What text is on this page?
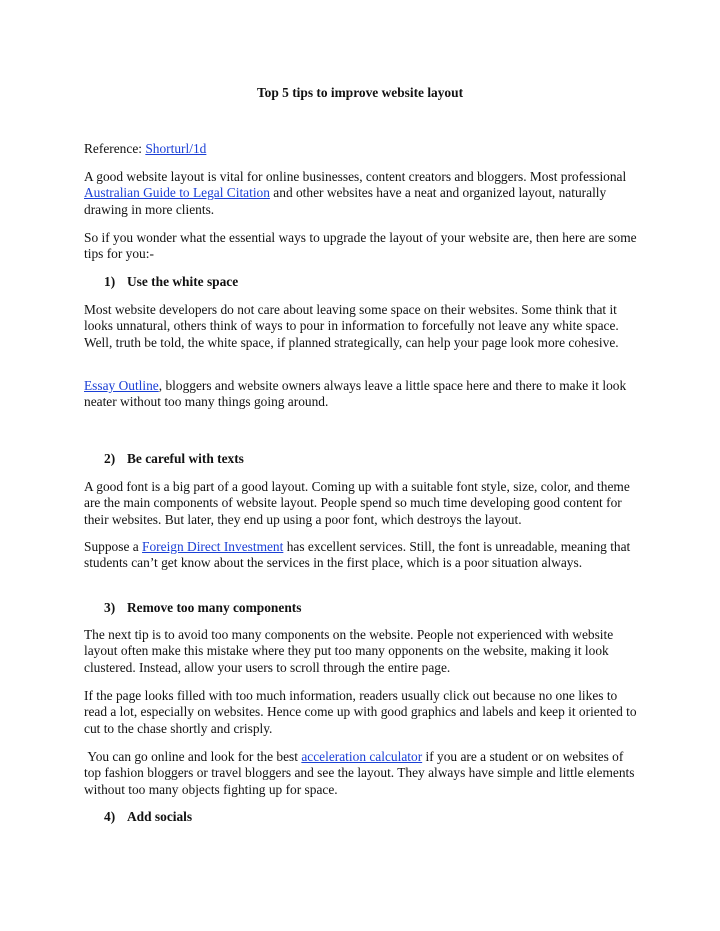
Top 5 tips to improve website layout

Reference: Shorturl/1d

A good website layout is vital for online businesses, content creators and bloggers. Most professional Australian Guide to Legal Citation and other websites have a neat and organized layout, naturally drawing in more clients.

So if you wonder what the essential ways to upgrade the layout of your website are, then here are some tips for you:-

1) Use the white space

Most website developers do not care about leaving some space on their websites. Some think that it looks unnatural, others think of ways to pour in information to forcefully not leave any white space. Well, truth be told, the white space, if planned strategically, can help your page look more cohesive.

Essay Outline, bloggers and website owners always leave a little space here and there to make it look neater without too many things going around.

2) Be careful with texts

A good font is a big part of a good layout. Coming up with a suitable font style, size, color, and theme are the main components of website layout. People spend so much time developing good content for their websites. But later, they end up using a poor font, which destroys the layout.

Suppose a Foreign Direct Investment has excellent services. Still, the font is unreadable, meaning that students can’t get know about the services in the first place, which is a poor situation always.

3) Remove too many components

The next tip is to avoid too many components on the website. People not experienced with website layout often make this mistake where they put too many opponents on the website, making it look clustered. Instead, allow your users to scroll through the entire page.

If the page looks filled with too much information, readers usually click out because no one likes to read a lot, especially on websites. Hence come up with good graphics and labels and keep it oriented to cut to the chase shortly and crisply.

You can go online and look for the best acceleration calculator if you are a student or on websites of top fashion bloggers or travel bloggers and see the layout. They always have simple and little elements without too many objects fighting up for space.

4) Add socials
